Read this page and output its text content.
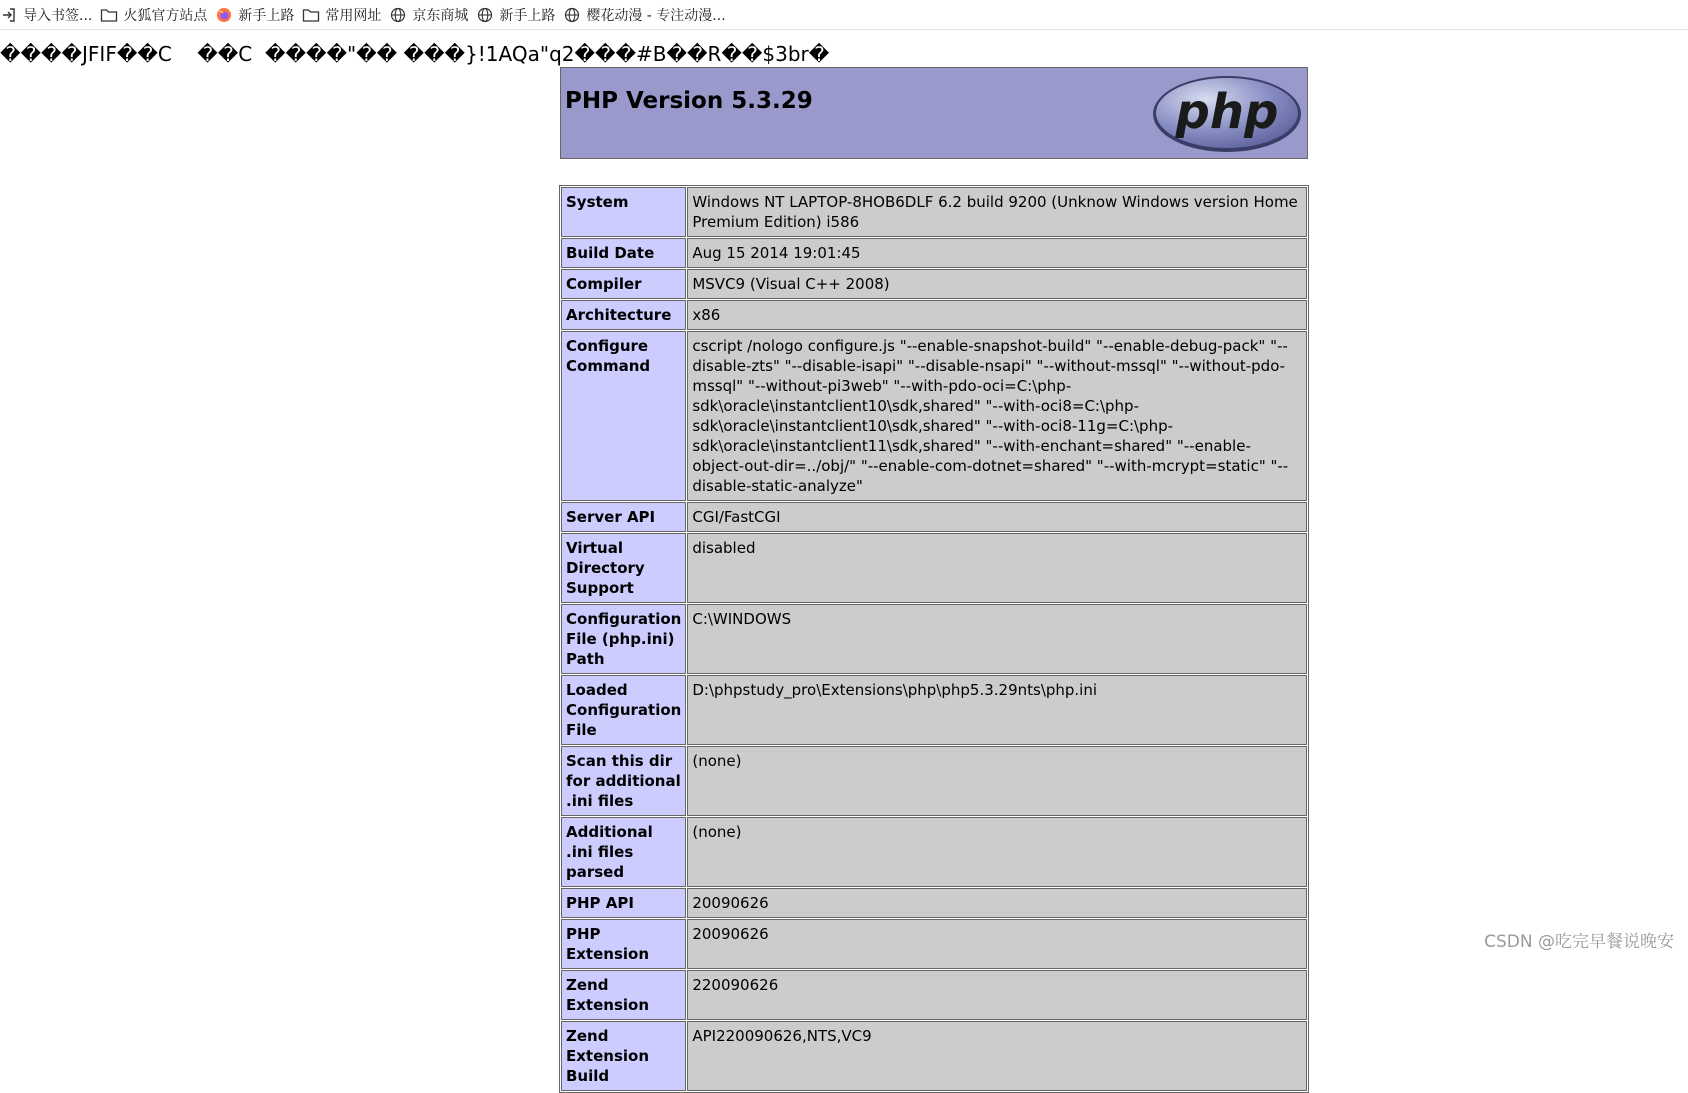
导入书签... 火狐官方站点 新手上路 常用网址 京东商城 新手上路 樱花动漫 - 专注动漫...
����JFIF��C    ��C  ����"�� ���}!1AQa"q2���#B��R��$3br�
PHP Version 5.3.29	php
System	Windows NT LAPTOP-8HOB6DLF 6.2 build 9200 (Unknow Windows version Home Premium Edition) i586
Build Date	Aug 15 2014 19:01:45
Compiler	MSVC9 (Visual C++ 2008)
Architecture	x86
Configure Command	cscript /nologo configure.js "--enable-snapshot-build" "--enable-debug-pack" "--disable-zts" "--disable-isapi" "--disable-nsapi" "--without-mssql" "--without-pdo-mssql" "--without-pi3web" "--with-pdo-oci=C:\php-sdk\oracle\instantclient10\sdk,shared" "--with-oci8=C:\php-sdk\oracle\instantclient10\sdk,shared" "--with-oci8-11g=C:\php-sdk\oracle\instantclient11\sdk,shared" "--with-enchant=shared" "--enable-object-out-dir=../obj/" "--enable-com-dotnet=shared" "--with-mcrypt=static" "--disable-static-analyze"
Server API	CGI/FastCGI
Virtual Directory Support	disabled
Configuration File (php.ini) Path	C:\WINDOWS
Loaded Configuration File	D:\phpstudy_pro\Extensions\php\php5.3.29nts\php.ini
Scan this dir for additional .ini files	(none)
Additional .ini files parsed	(none)
PHP API	20090626
PHP Extension	20090626
Zend Extension	220090626
Zend Extension Build	API220090626,NTS,VC9
CSDN @吃完早餐说晚安
